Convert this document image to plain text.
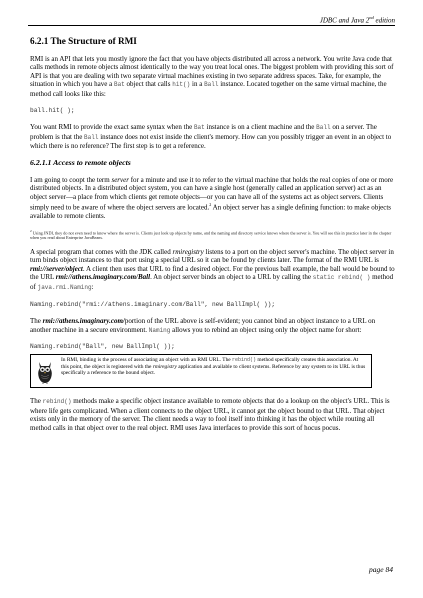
JDBC and Java 2nd edition
6.2.1 The Structure of RMI

RMI is an API that lets you mostly ignore the fact that you have objects distributed all across a network. You write Java code that calls methods in remote objects almost identically to the way you treat local ones. The biggest problem with providing this sort of API is that you are dealing with two separate virtual machines existing in two separate address spaces. Take, for example, the situation in which you have a Bat object that calls hit() in a Ball instance. Located together on the same virtual machine, the method call looks like this:

ball.hit( );

You want RMI to provide the exact same syntax when the Bat instance is on a client machine and the Ball on a server. The problem is that the Ball instance does not exist inside the client's memory. How can you possibly trigger an event in an object to which there is no reference? The first step is to get a reference.

6.2.1.1 Access to remote objects

I am going to coopt the term server for a minute and use it to refer to the virtual machine that holds the real copies of one or more distributed objects. In a distributed object system, you can have a single host (generally called an application server) act as an object server—a place from which clients get remote objects—or you can have all of the systems act as object servers. Clients simply need to be aware of where the object servers are located.$^2$ An object server has a single defining function: to make objects available to remote clients.

$^2$ Using JNDI, they do not even need to know where the server is. Clients just look up objects by name, and the naming and directory service knows where the server is. You will see this in practice later in the chapter when you read about Enterprise JavaBeans.

A special program that comes with the JDK called rmiregistry listens to a port on the object server's machine. The object server in turn binds object instances to that port using a special URL so it can be found by clients later. The format of the RMI URL is rmi://server/object. A client then uses that URL to find a desired object. For the previous ball example, the ball would be bound to the URL rmi://athens.imaginary.com/Ball. An object server binds an object to a URL by calling the static rebind( ) method of java.rmi.Naming:

Naming.rebind("rmi://athens.imaginary.com/Ball", new BallImpl( ));

The rmi://athens.imaginary.com/portion of the URL above is self-evident; you cannot bind an object instance to a URL on another machine in a secure environment. Naming allows you to rebind an object using only the object name for short:

Naming.rebind("Ball", new BallImpl( ));
In RMI, binding is the process of associating an object with an RMI URL. The rebind() method specifically creates this association. At this point, the object is registered with the rmiregistry application and available to client systems. Reference by any system to its URL is thus specifically a reference to the bound object.

The rebind() methods make a specific object instance available to remote objects that do a lookup on the object's URL. This is where life gets complicated. When a client connects to the object URL, it cannot get the object bound to that URL. That object exists only in the memory of the server. The client needs a way to fool itself into thinking it has the object while routing all method calls in that object over to the real object. RMI uses Java interfaces to provide this sort of hocus pocus.

page 84
